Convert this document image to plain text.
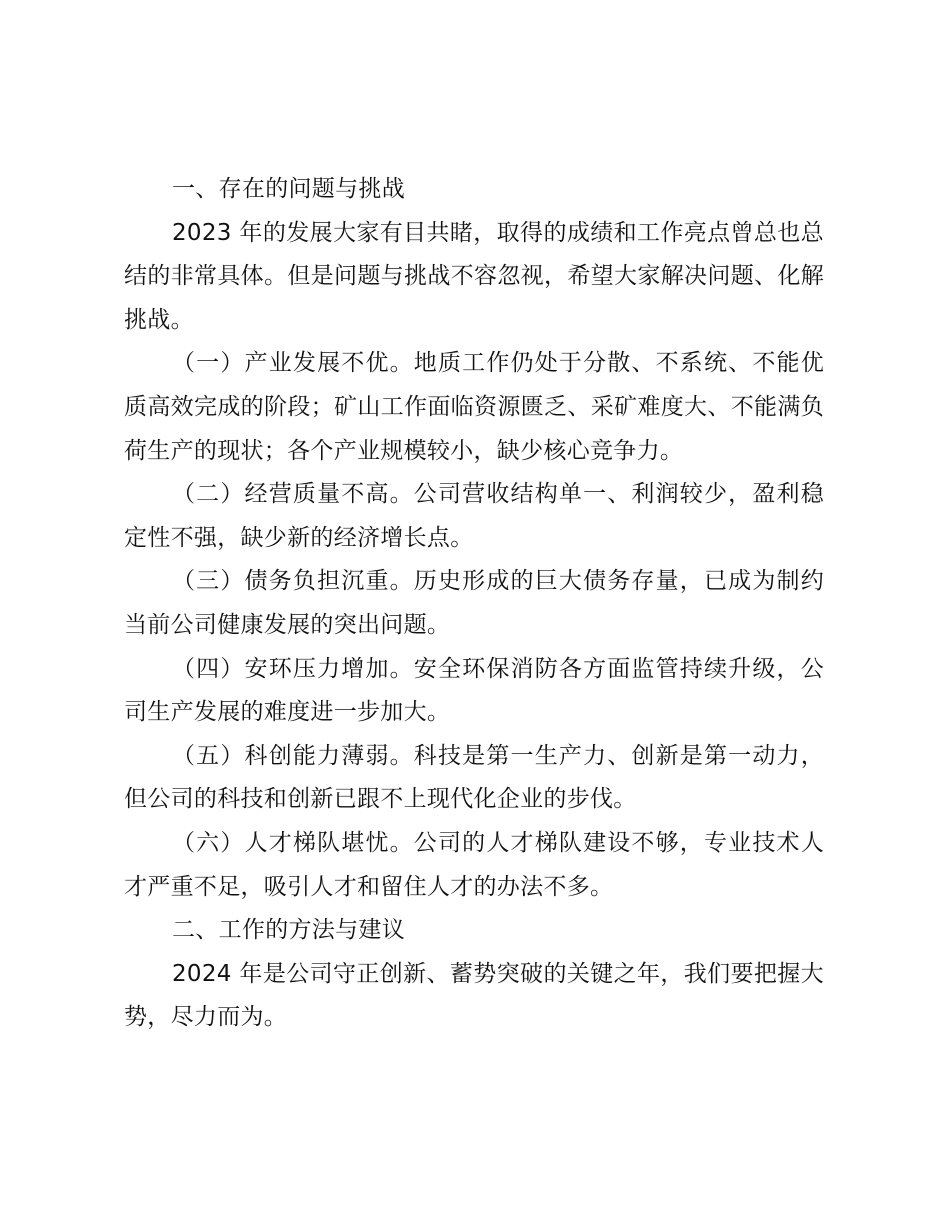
一、存在的问题与挑战

2023 年的发展大家有目共睹，取得的成绩和工作亮点曾总也总结的非常具体。但是问题与挑战不容忽视，希望大家解决问题、化解挑战。

（一）产业发展不优。地质工作仍处于分散、不系统、不能优质高效完成的阶段；矿山工作面临资源匮乏、采矿难度大、不能满负荷生产的现状；各个产业规模较小，缺少核心竞争力。

（二）经营质量不高。公司营收结构单一、利润较少，盈利稳定性不强，缺少新的经济增长点。

（三）债务负担沉重。历史形成的巨大债务存量，已成为制约当前公司健康发展的突出问题。

（四）安环压力增加。安全环保消防各方面监管持续升级，公司生产发展的难度进一步加大。

（五）科创能力薄弱。科技是第一生产力、创新是第一动力，但公司的科技和创新已跟不上现代化企业的步伐。

（六）人才梯队堪忧。公司的人才梯队建设不够，专业技术人才严重不足，吸引人才和留住人才的办法不多。

二、工作的方法与建议

2024 年是公司守正创新、蓄势突破的关键之年，我们要把握大势，尽力而为。
